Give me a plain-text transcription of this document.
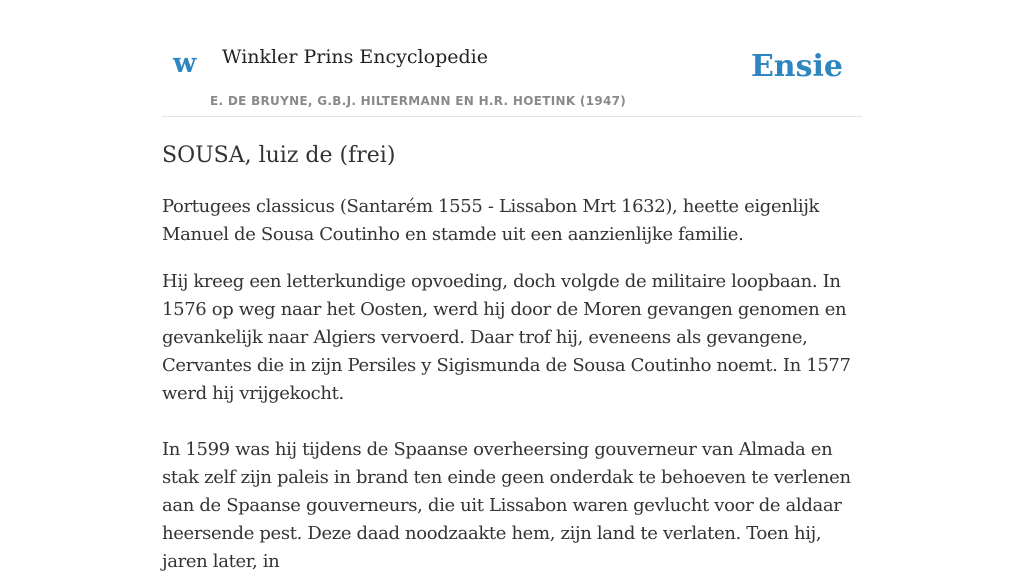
w Winkler Prins Encyclopedie
E. DE BRUYNE, G.B.J. HILTERMANN EN H.R. HOETINK (1947)
Ensie
SOUSA, luiz de (frei)

Portugees classicus (Santarém 1555 - Lissabon Mrt 1632), heette eigenlijk Manuel de Sousa Coutinho en stamde uit een aanzienlijke familie.

Hij kreeg een letterkundige opvoeding, doch volgde de militaire loopbaan. In 1576 op weg naar het Oosten, werd hij door de Moren gevangen genomen en gevankelijk naar Algiers vervoerd. Daar trof hij, eveneens als gevangene, Cervantes die in zijn Persiles y Sigismunda de Sousa Coutinho noemt. In 1577 werd hij vrijgekocht.

In 1599 was hij tijdens de Spaanse overheersing gouverneur van Almada en stak zelf zijn paleis in brand ten einde geen onderdak te behoeven te verlenen aan de Spaanse gouverneurs, die uit Lissabon waren gevlucht voor de aldaar heersende pest. Deze daad noodzaakte hem, zijn land te verlaten. Toen hij, jaren later, in
